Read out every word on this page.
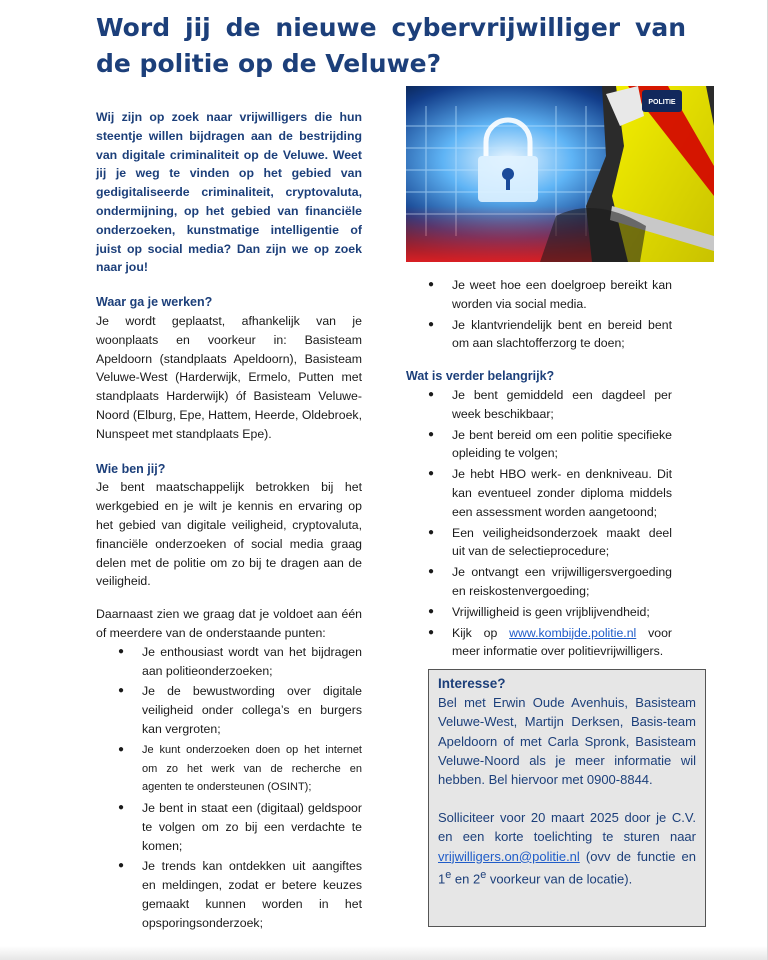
Word jij de nieuwe cybervrijwilliger van de politie op de Veluwe?

Wij zijn op zoek naar vrijwilligers die hun steentje willen bijdragen aan de bestrijding van digitale criminaliteit op de Veluwe. Weet jij je weg te vinden op het gebied van gedigitaliseerde criminaliteit, cryptovaluta, ondermijning, op het gebied van financiële onderzoeken, kunstmatige intelligentie of juist op social media? Dan zijn we op zoek naar jou!

Waar ga je werken?

Je wordt geplaatst, afhankelijk van je woonplaats en voorkeur in: Basisteam Apeldoorn (standplaats Apeldoorn), Basisteam Veluwe-West (Harderwijk, Ermelo, Putten met standplaats Harderwijk) óf Basisteam Veluwe-Noord (Elburg, Epe, Hattem, Heerde, Oldebroek, Nunspeet met standplaats Epe).

Wie ben jij?

Je bent maatschappelijk betrokken bij het werkgebied en je wilt je kennis en ervaring op het gebied van digitale veiligheid, cryptovaluta, financiële onderzoeken of social media graag delen met de politie om zo bij te dragen aan de veiligheid.

Daarnaast zien we graag dat je voldoet aan één of meerdere van de onderstaande punten:

● Je enthousiast wordt van het bijdragen aan politieonderzoeken;
● Je de bewustwording over digitale veiligheid onder collega’s en burgers kan vergroten;
● Je kunt onderzoeken doen op het internet om zo het werk van de recherche en agenten te ondersteunen (OSINT);
● Je bent in staat een (digitaal) geldspoor te volgen om zo bij een verdachte te komen;
● Je trends kan ontdekken uit aangiftes en meldingen, zodat er betere keuzes gemaakt kunnen worden in het opsporingsonderzoek;
POLITIE
● Je weet hoe een doelgroep bereikt kan worden via social media.
● Je klantvriendelijk bent en bereid bent om aan slachtofferzorg te doen;
Wat is verder belangrijk?
● Je bent gemiddeld een dagdeel per week beschikbaar;
● Je bent bereid om een politie specifieke opleiding te volgen;
● Je hebt HBO werk- en denkniveau. Dit kan eventueel zonder diploma middels een assessment worden aangetoond;
● Een veiligheidsonderzoek maakt deel uit van de selectieprocedure;
● Je ontvangt een vrijwilligersvergoeding en reiskostenvergoeding;
● Vrijwilligheid is geen vrijblijvendheid;
● Kijk op www.kombijde.politie.nl voor meer informatie over politievrijwilligers.
Interesse?

Bel met Erwin Oude Avenhuis, Basisteam Veluwe-West, Martijn Derksen, Basis-team Apeldoorn of met Carla Spronk, Basisteam Veluwe-Noord als je meer informatie wil hebben. Bel hiervoor met 0900-8844.

Solliciteer voor 20 maart 2025 door je C.V. en een korte toelichting te sturen naar vrijwilligers.on@politie.nl (ovv de functie en 1e en 2e voorkeur van de locatie).
